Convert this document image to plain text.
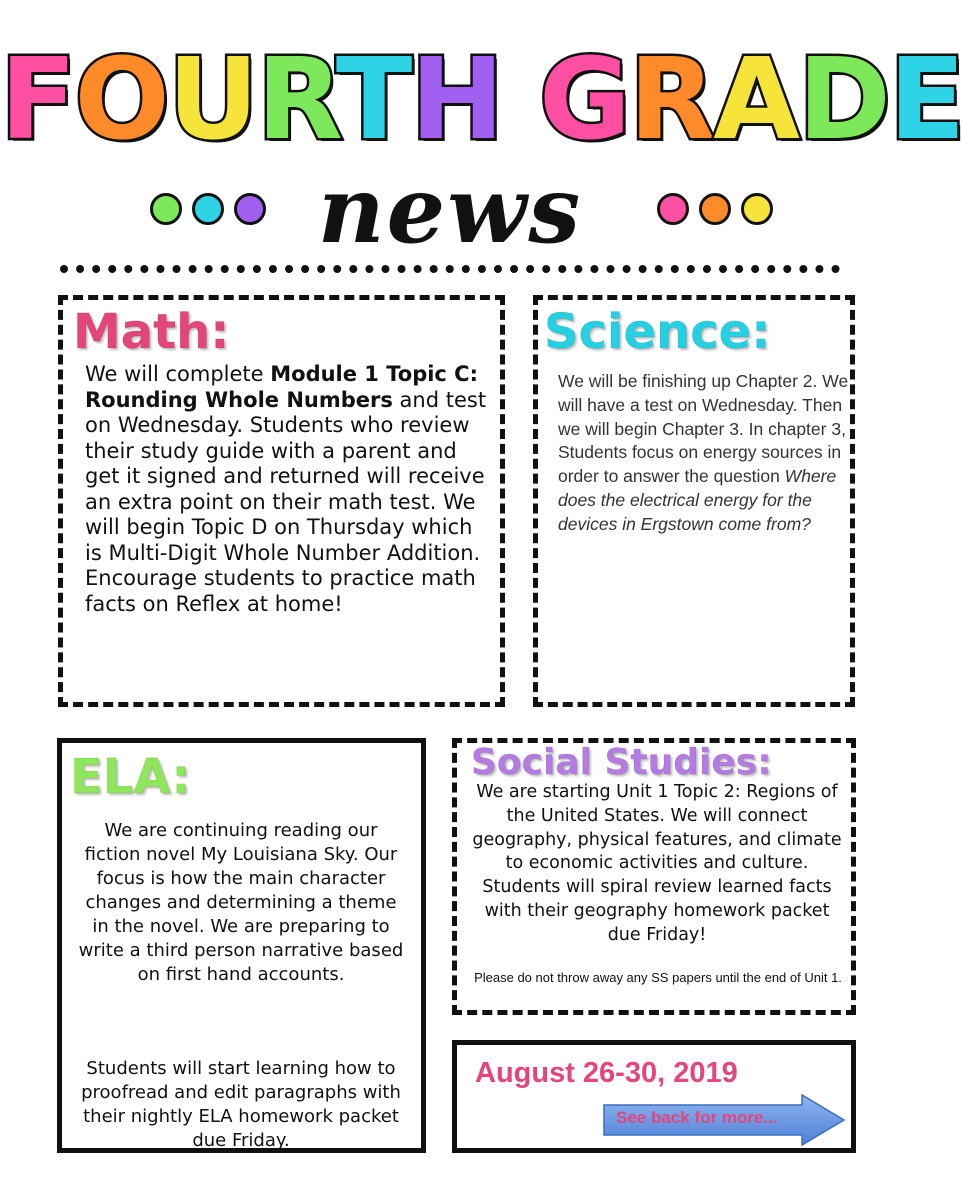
FOURTH GRADE
news
Math:
We will complete Module 1 Topic C: Rounding Whole Numbers and test on Wednesday. Students who review their study guide with a parent and get it signed and returned will receive an extra point on their math test. We will begin Topic D on Thursday which is Multi-Digit Whole Number Addition. Encourage students to practice math facts on Reflex at home!
Science:
We will be finishing up Chapter 2. We will have a test on Wednesday. Then we will begin Chapter 3. In chapter 3, Students focus on energy sources in order to answer the question Where does the electrical energy for the devices in Ergstown come from?
ELA:

We are continuing reading our fiction novel My Louisiana Sky. Our focus is how the main character changes and determining a theme in the novel. We are preparing to write a third person narrative based on first hand accounts.

Students will start learning how to proofread and edit paragraphs with their nightly ELA homework packet due Friday.

Social Studies:
We are starting Unit 1 Topic 2: Regions of the United States. We will connect geography, physical features, and climate to economic activities and culture. Students will spiral review learned facts with their geography homework packet due Friday!
Please do not throw away any SS papers until the end of Unit 1.
August 26-30, 2019
See back for more...
